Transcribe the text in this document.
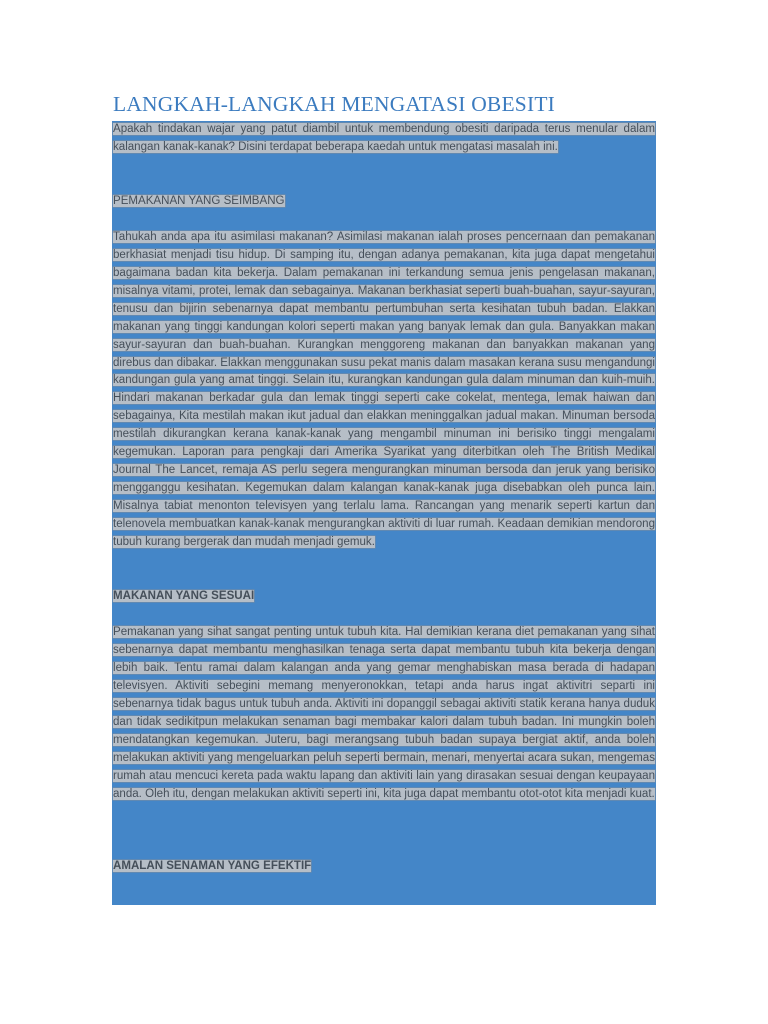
LANGKAH-LANGKAH MENGATASI OBESITI

Apakah tindakan wajar yang patut diambil untuk membendung obesiti daripada terus menular dalam kalangan kanak-kanak? Disini terdapat beberapa kaedah untuk mengatasi masalah ini.

PEMAKANAN YANG SEIMBANG

Tahukah anda apa itu asimilasi makanan? Asimilasi makanan ialah proses pencernaan dan pemakanan berkhasiat menjadi tisu hidup. Di samping itu, dengan adanya pemakanan, kita juga dapat mengetahui bagaimana badan kita bekerja. Dalam pemakanan ini terkandung semua jenis pengelasan makanan, misalnya vitami, protei, lemak dan sebagainya. Makanan berkhasiat seperti buah-buahan, sayur-sayuran, tenusu dan bijirin sebenarnya dapat membantu pertumbuhan serta kesihatan tubuh badan. Elakkan makanan yang tinggi kandungan kolori seperti makan yang banyak lemak dan gula. Banyakkan makan sayur-sayuran dan buah-buahan. Kurangkan menggoreng makanan dan banyakkan makanan yang direbus dan dibakar. Elakkan menggunakan susu pekat manis dalam masakan kerana susu mengandungi kandungan gula yang amat tinggi. Selain itu, kurangkan kandungan gula dalam minuman dan kuih-muih. Hindari makanan berkadar gula dan lemak tinggi seperti cake cokelat, mentega, lemak haiwan dan sebagainya, Kita mestilah makan ikut jadual dan elakkan meninggalkan jadual makan. Minuman bersoda mestilah dikurangkan kerana kanak-kanak yang mengambil minuman ini berisiko tinggi mengalami kegemukan. Laporan para pengkaji dari Amerika Syarikat yang diterbitkan oleh The British Medikal Journal The Lancet, remaja AS perlu segera mengurangkan minuman bersoda dan jeruk yang berisiko mengganggu kesihatan. Kegemukan dalam kalangan kanak-kanak juga disebabkan oleh punca lain. Misalnya tabiat menonton televisyen yang terlalu lama. Rancangan yang menarik seperti kartun dan telenovela membuatkan kanak-kanak mengurangkan aktiviti di luar rumah. Keadaan demikian mendorong tubuh kurang bergerak dan mudah menjadi gemuk.

MAKANAN YANG SESUAI

Pemakanan yang sihat sangat penting untuk tubuh kita. Hal demikian kerana diet pemakanan yang sihat sebenarnya dapat membantu menghasilkan tenaga serta dapat membantu tubuh kita bekerja dengan lebih baik. Tentu ramai dalam kalangan anda yang gemar menghabiskan masa berada di hadapan televisyen. Aktiviti sebegini memang menyeronokkan, tetapi anda harus ingat aktivitri separti ini sebenarnya tidak bagus untuk tubuh anda. Aktiviti ini dopanggil sebagai aktiviti statik kerana hanya duduk dan tidak sedikitpun melakukan senaman bagi membakar kalori dalam tubuh badan. Ini mungkin boleh mendatangkan kegemukan. Juteru, bagi merangsang tubuh badan supaya bergiat aktif, anda boleh melakukan aktiviti yang mengeluarkan peluh seperti bermain, menari, menyertai acara sukan, mengemas rumah atau mencuci kereta pada waktu lapang dan aktiviti lain yang dirasakan sesuai dengan keupayaan anda. Oleh itu, dengan melakukan aktiviti seperti ini, kita juga dapat membantu otot-otot kita menjadi kuat.

AMALAN SENAMAN YANG EFEKTIF
